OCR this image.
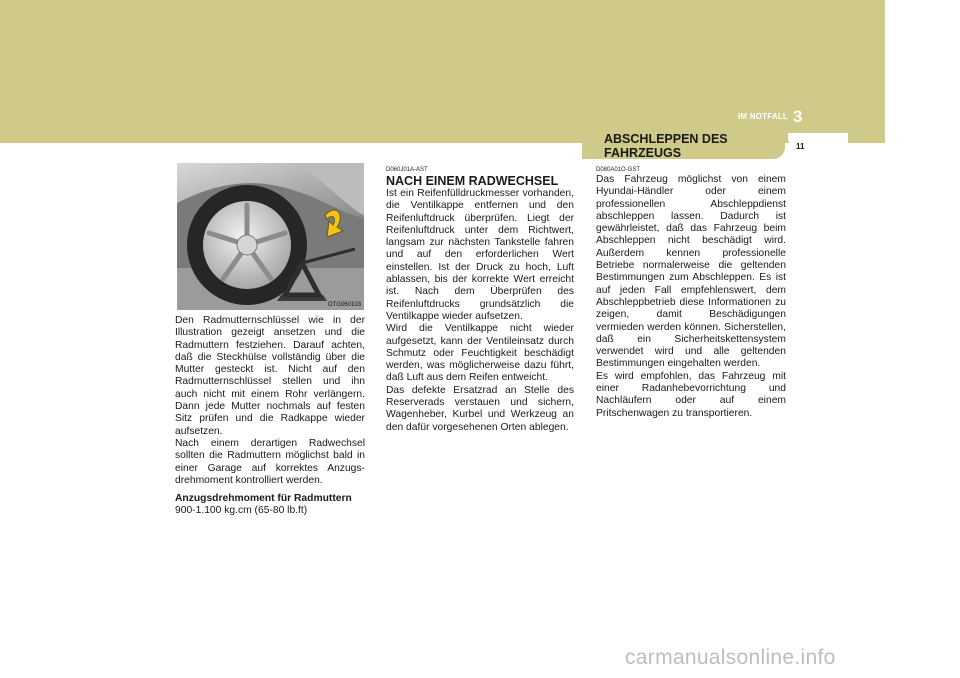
IM NOTFALL 3
ABSCHLEPPEN DES FAHRZEUGS	11
OTG060103

Den Radmutternschlüssel wie in der Illustration gezeigt ansetzen und die Radmuttern festziehen. Darauf achten, daß die Steckhülse vollständig über die Mutter gesteckt ist. Nicht auf den Radmutternschlüssel stellen und ihn auch nicht mit einem Rohr verlängern. Dann jede Mutter nochmals auf festen Sitz prüfen und die Radkappe wieder aufsetzen.

Nach einem derartigen Radwechsel sollten die Radmuttern möglichst bald in einer Garage auf korrektes Anzugs-drehmoment kontrolliert werden.

Anzugsdrehmoment für Radmuttern

900-1.100 kg.cm (65-80 lb.ft)

D060J01A-AST

NACH EINEM RADWECHSEL

Ist ein Reifenfülldruckmesser vorhanden, die Ventilkappe entfernen und den Reifenluftdruck überprüfen. Liegt der Reifenluftdruck unter dem Richtwert, langsam zur nächsten Tankstelle fahren und auf den erforderlichen Wert einstellen. Ist der Druck zu hoch, Luft ablassen, bis der korrekte Wert erreicht ist. Nach dem Überprüfen des Reifenluftdrucks grundsätzlich die Ventilkappe wieder aufsetzen.

Wird die Ventilkappe nicht wieder aufgesetzt, kann der Ventileinsatz durch Schmutz oder Feuchtigkeit beschädigt werden, was möglicherweise dazu führt, daß Luft aus dem Reifen entweicht.

Das defekte Ersatzrad an Stelle des Reserverads verstauen und sichern, Wagenheber, Kurbel und Werkzeug an den dafür vorgesehenen Orten ablegen.

D080A01O-GST

Das Fahrzeug möglichst von einem Hyundai-Händler oder einem professionellen Abschleppdienst abschleppen lassen. Dadurch ist gewährleistet, daß das Fahrzeug beim Abschleppen nicht beschädigt wird. Außerdem kennen professionelle Betriebe normalerweise die geltenden Bestimmungen zum Abschleppen. Es ist auf jeden Fall empfehlenswert, dem Abschleppbetrieb diese Informationen zu zeigen, damit Beschädigungen vermieden werden können. Sicherstellen, daß ein Sicherheitskettensystem verwendet wird und alle geltenden Bestimmungen eingehalten werden.

Es wird empfohlen, das Fahrzeug mit einer Radanhebevorrichtung und Nachläufern oder auf einem Pritschenwagen zu transportieren.

carmanualsonline.info
